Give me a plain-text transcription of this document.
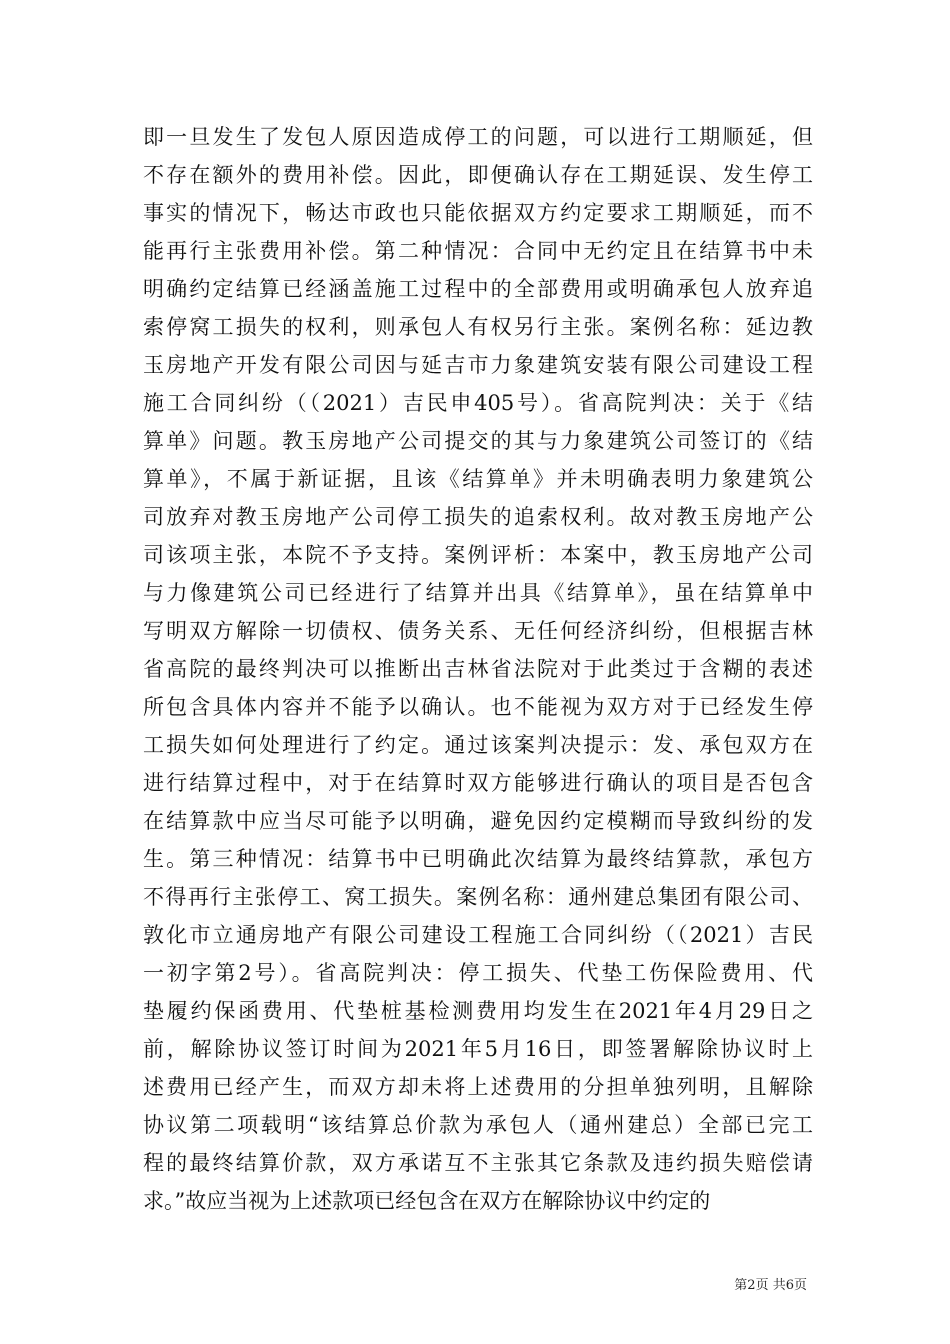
即一旦发生了发包人原因造成停工的问题，可以进行工期顺延，但
不存在额外的费用补偿。因此，即便确认存在工期延误、发生停工
事实的情况下，畅达市政也只能依据双方约定要求工期顺延，而不
能再行主张费用补偿。第二种情况：合同中无约定且在结算书中未
明确约定结算已经涵盖施工过程中的全部费用或明确承包人放弃追
索停窝工损失的权利，则承包人有权另行主张。案例名称：延边教
玉房地产开发有限公司因与延吉市力象建筑安装有限公司建设工程
施工合同纠纷（（2021）吉民申405号）。省高院判决：关于《结
算单》问题。教玉房地产公司提交的其与力象建筑公司签订的《结
算单》，不属于新证据，且该《结算单》并未明确表明力象建筑公
司放弃对教玉房地产公司停工损失的追索权利。故对教玉房地产公
司该项主张，本院不予支持。案例评析：本案中，教玉房地产公司
与力像建筑公司已经进行了结算并出具《结算单》，虽在结算单中
写明双方解除一切债权、债务关系、无任何经济纠纷，但根据吉林
省高院的最终判决可以推断出吉林省法院对于此类过于含糊的表述
所包含具体内容并不能予以确认。也不能视为双方对于已经发生停
工损失如何处理进行了约定。通过该案判决提示：发、承包双方在
进行结算过程中，对于在结算时双方能够进行确认的项目是否包含
在结算款中应当尽可能予以明确，避免因约定模糊而导致纠纷的发
生。第三种情况：结算书中已明确此次结算为最终结算款，承包方
不得再行主张停工、窝工损失。案例名称：通州建总集团有限公司、
敦化市立通房地产有限公司建设工程施工合同纠纷（（2021）吉民
一初字第2号）。省高院判决：停工损失、代垫工伤保险费用、代
垫履约保函费用、代垫桩基检测费用均发生在2021年4月29日之
前，解除协议签订时间为2021年5月16日，即签署解除协议时上
述费用已经产生，而双方却未将上述费用的分担单独列明，且解除
协议第二项载明“该结算总价款为承包人（通州建总）全部已完工
程的最终结算价款，双方承诺互不主张其它条款及违约损失赔偿请
求。”故应当视为上述款项已经包含在双方在解除协议中约定的
第2页 共6页
